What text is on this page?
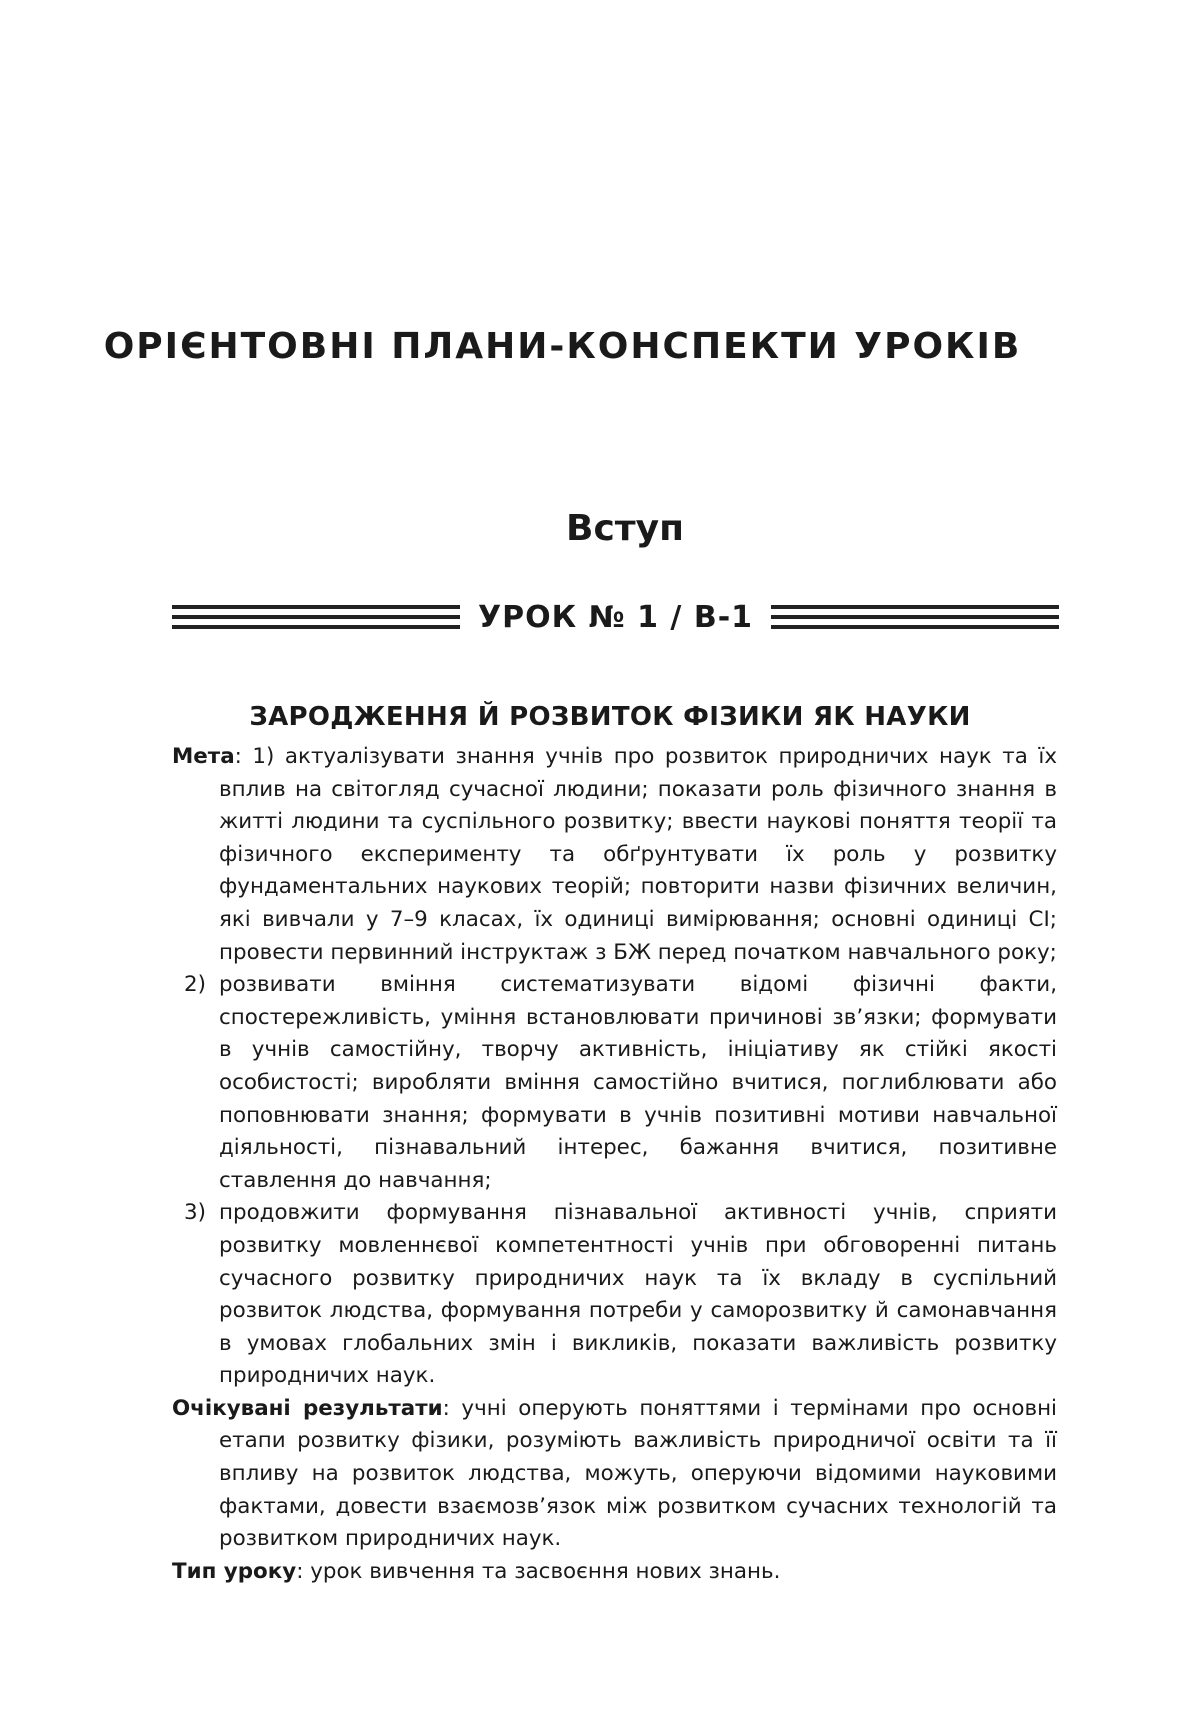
ОРІЄНТОВНІ ПЛАНИ-КОНСПЕКТИ УРОКІВ
Вступ
УРОК № 1 / В-1
ЗАРОДЖЕННЯ Й РОЗВИТОК ФІЗИКИ ЯК НАУКИ

Мета: 1) актуалізувати знання учнів про розвиток природничих наук та їх вплив на світогляд сучасної людини; показати роль фізичного знання в житті людини та суспільного розвитку; ввести наукові поняття теорії та фізичного експерименту та обґрунтувати їх роль у розвитку фундаментальних наукових теорій; повторити назви фізичних величин, які вивчали у 7–9 класах, їх одиниці вимірювання; основні одиниці СІ; провести первинний інструктаж з БЖ перед початком навчального року;

2) розвивати вміння систематизувати відомі фізичні факти, спостережливість, уміння встановлювати причинові зв’язки; формувати в учнів самостійну, творчу активність, ініціативу як стійкі якості особистості; виробляти вміння самостійно вчитися, поглиблювати або поповнювати знання; формувати в учнів позитивні мотиви навчальної діяльності, пізнавальний інтерес, бажання вчитися, позитивне ставлення до навчання;

3) продовжити формування пізнавальної активності учнів, сприяти розвитку мовленнєвої компетентності учнів при обговоренні питань сучасного розвитку природничих наук та їх вкладу в суспільний розвиток людства, формування потреби у саморозвитку й самонавчання в умовах глобальних змін і викликів, показати важливість розвитку природничих наук.

Очікувані результати: учні оперують поняттями і термінами про основні етапи розвитку фізики, розуміють важливість природничої освіти та її впливу на розвиток людства, можуть, оперуючи відомими науковими фактами, довести взаємозв’язок між розвитком сучасних технологій та розвитком природничих наук.

Тип уроку: урок вивчення та засвоєння нових знань.
